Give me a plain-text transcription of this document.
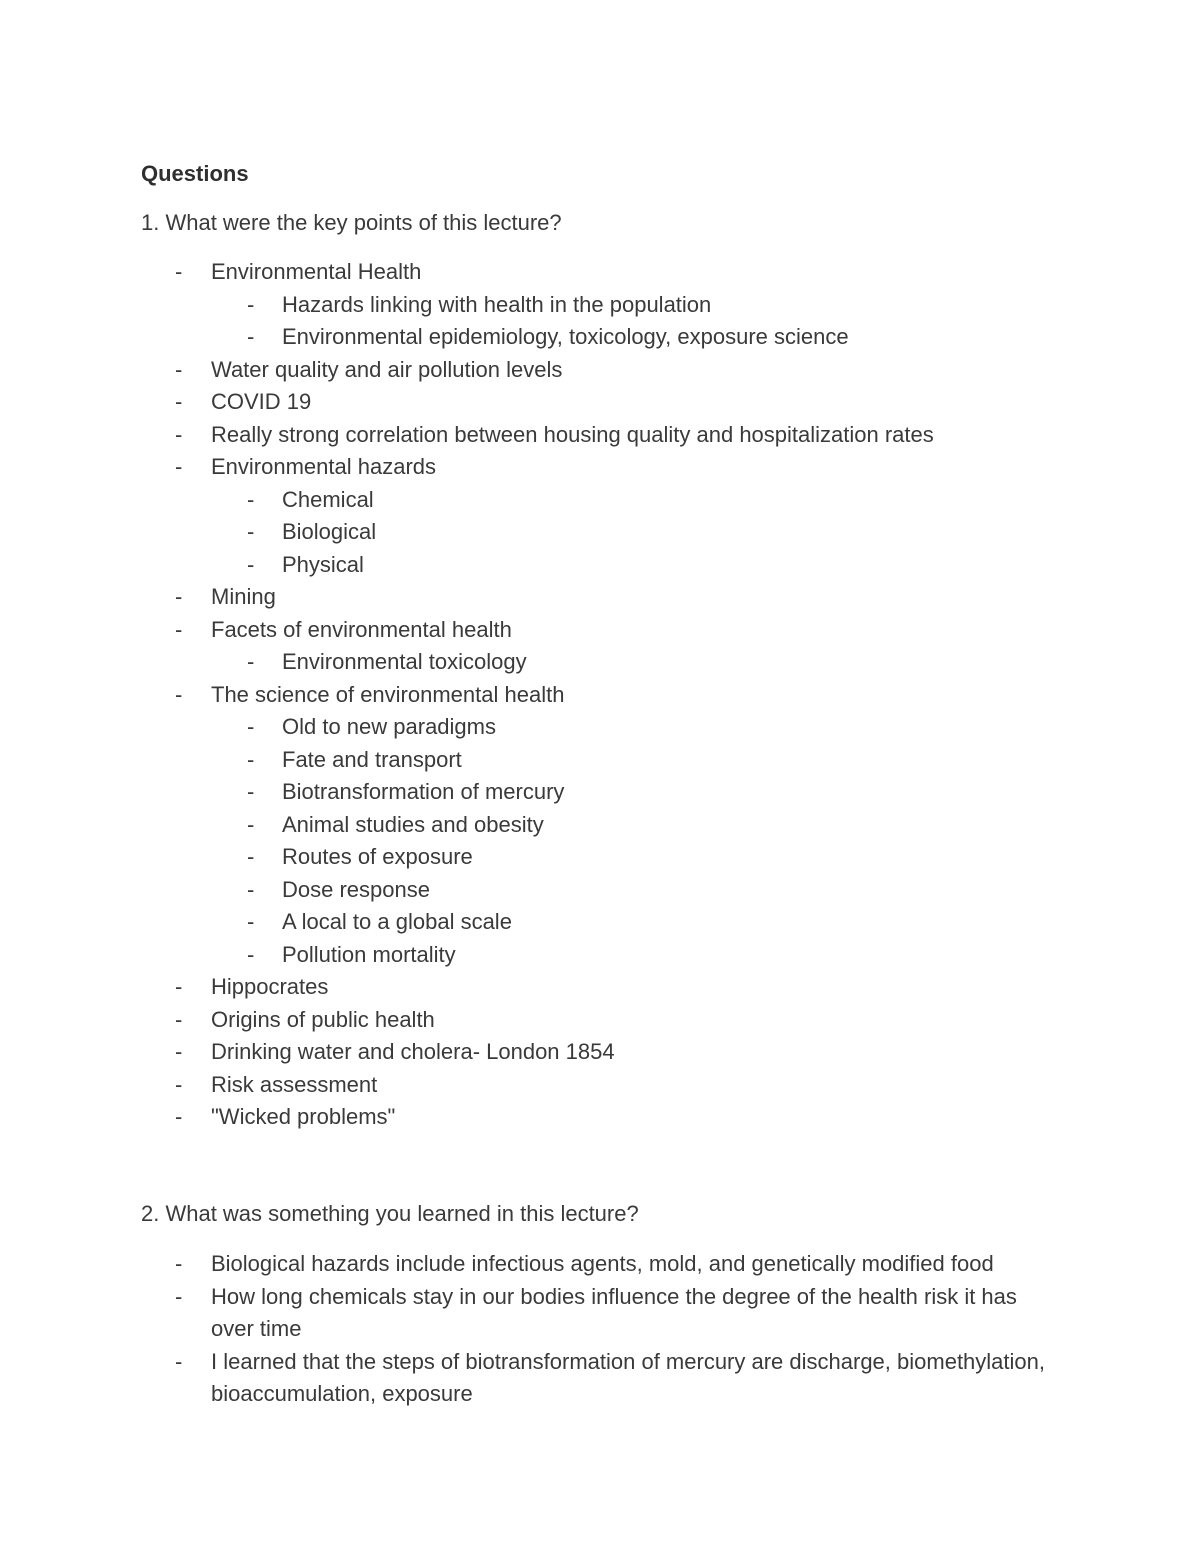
Questions
1. What were the key points of this lecture?
- Environmental Health
- Hazards linking with health in the population
- Environmental epidemiology, toxicology, exposure science
- Water quality and air pollution levels
- COVID 19
- Really strong correlation between housing quality and hospitalization rates
- Environmental hazards
- Chemical
- Biological
- Physical
- Mining
- Facets of environmental health
- Environmental toxicology
- The science of environmental health
- Old to new paradigms
- Fate and transport
- Biotransformation of mercury
- Animal studies and obesity
- Routes of exposure
- Dose response
- A local to a global scale
- Pollution mortality
- Hippocrates
- Origins of public health
- Drinking water and cholera- London 1854
- Risk assessment
- "Wicked problems"
2. What was something you learned in this lecture?
- Biological hazards include infectious agents, mold, and genetically modified food
- How long chemicals stay in our bodies influence the degree of the health risk it has over time
- I learned that the steps of biotransformation of mercury are discharge, biomethylation, bioaccumulation, exposure
